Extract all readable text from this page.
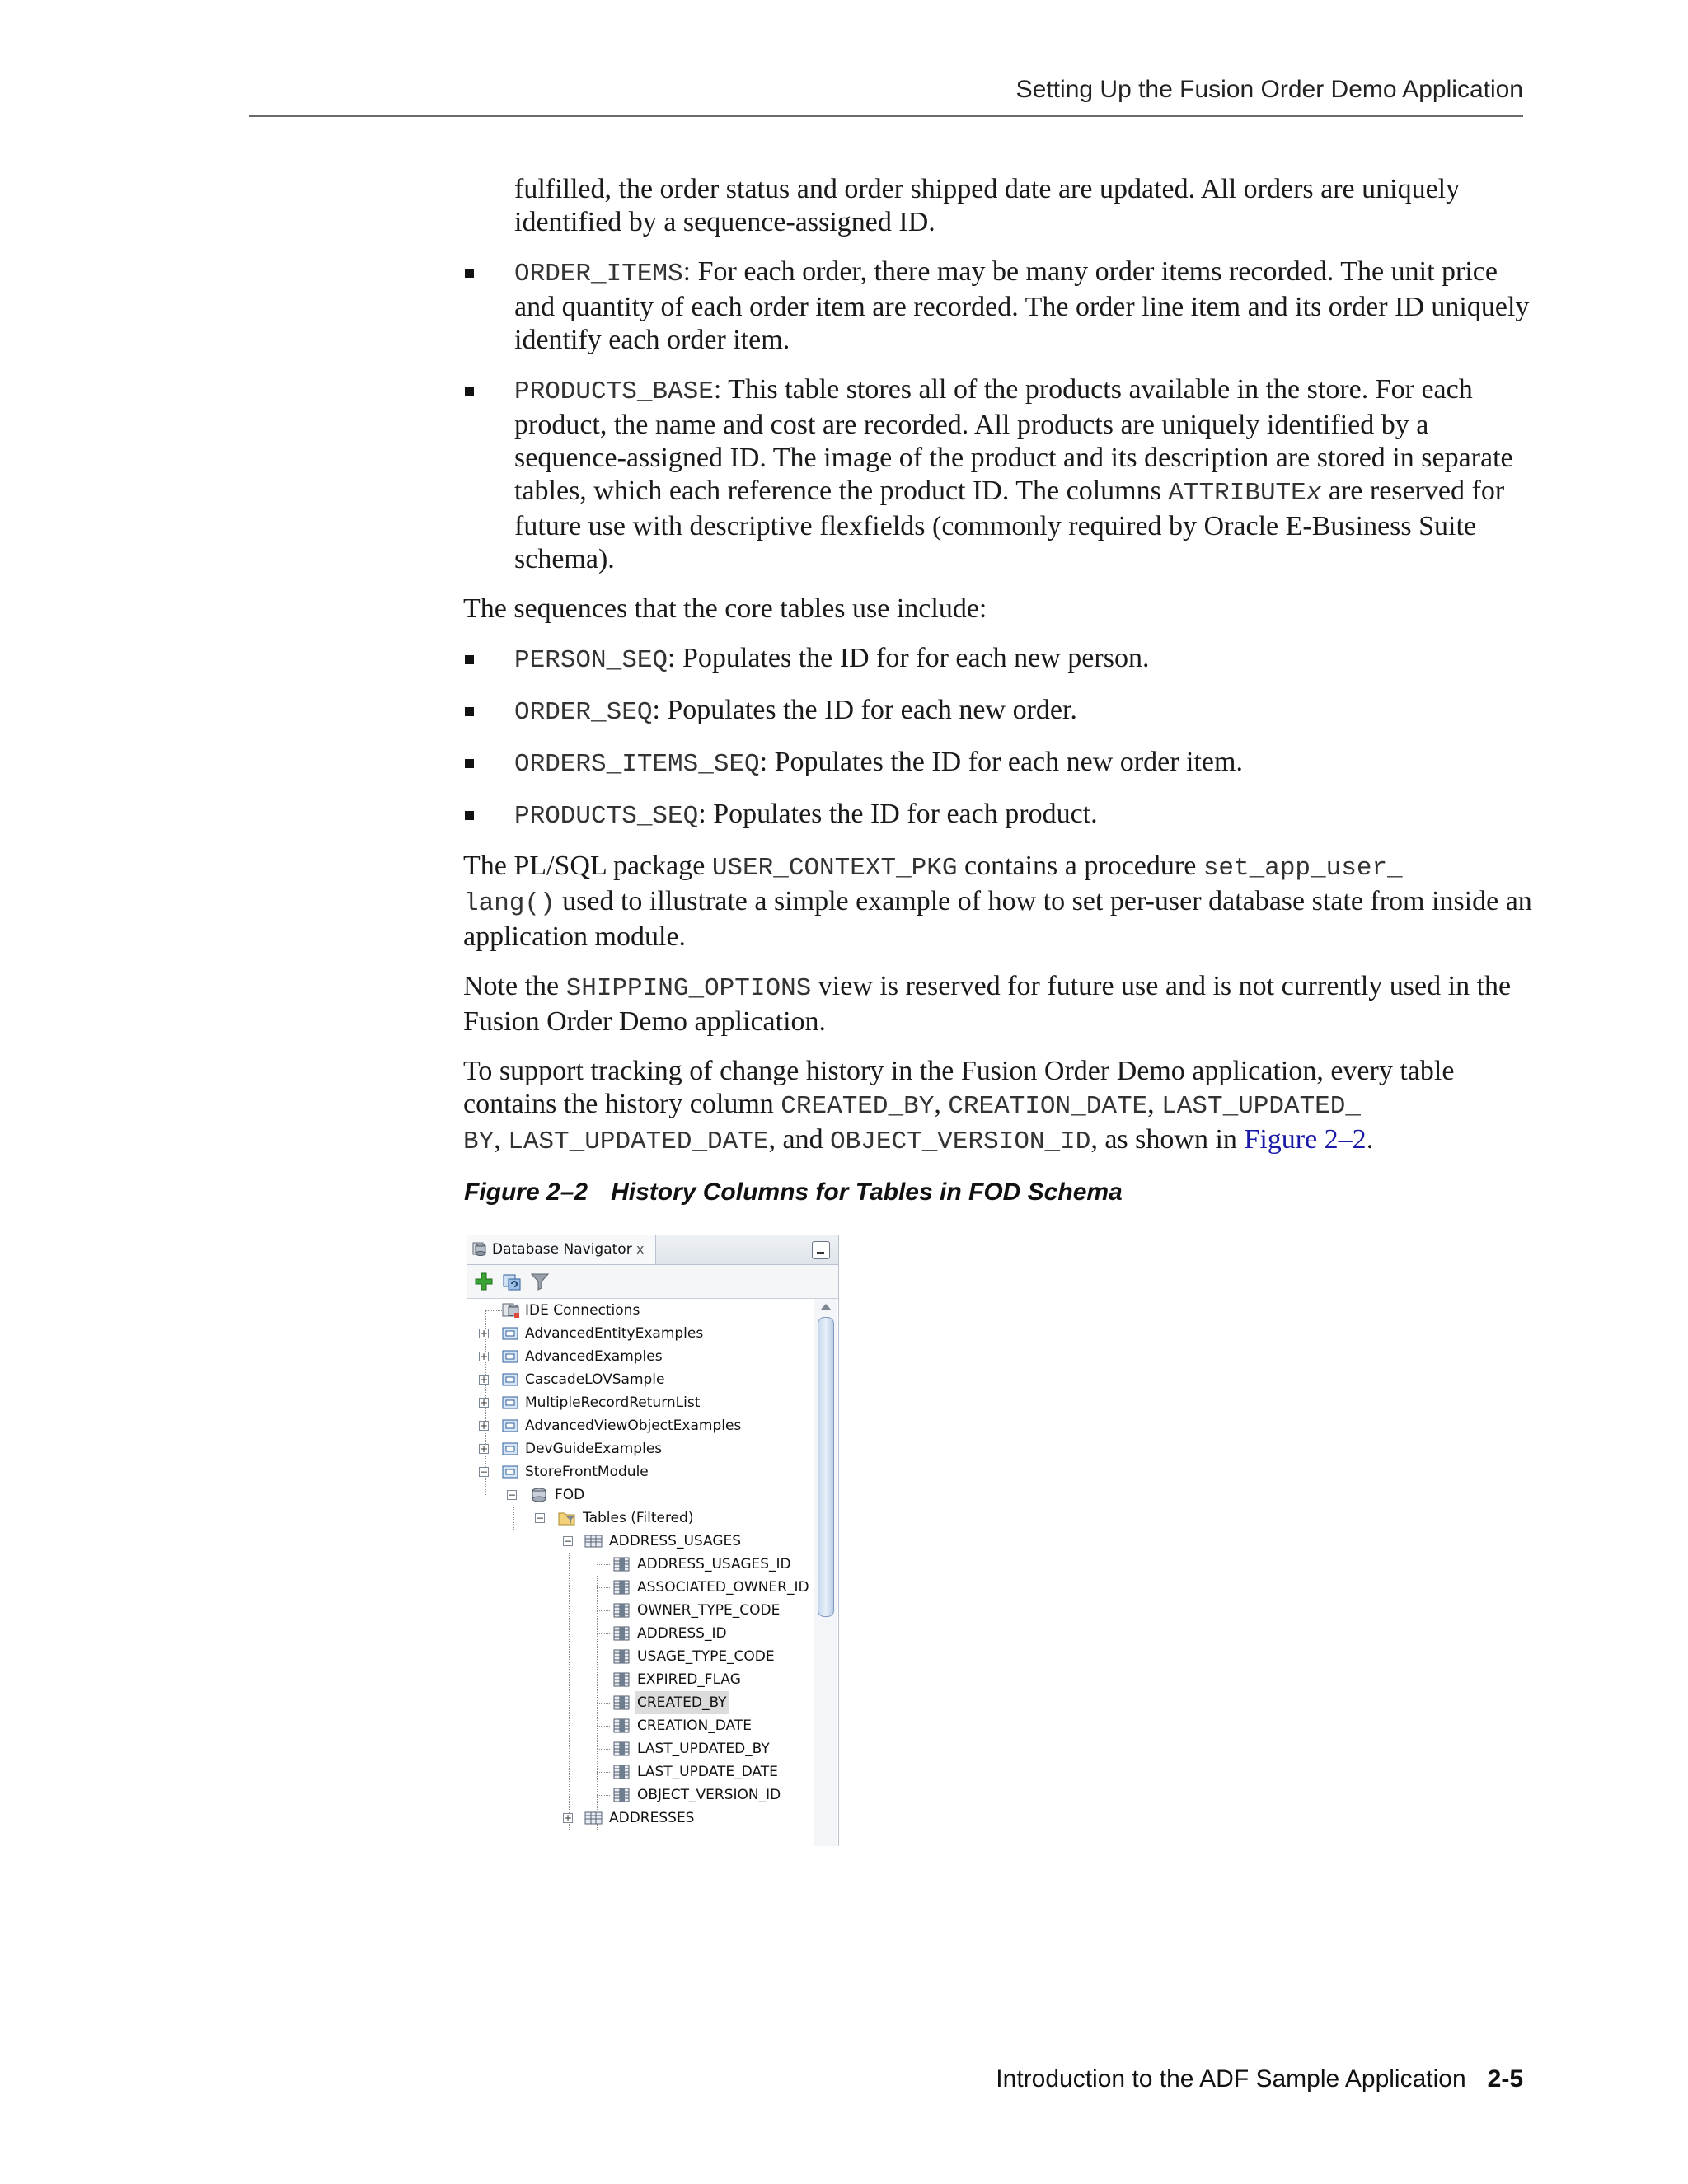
Setting Up the Fusion Order Demo Application

fulfilled, the order status and order shipped date are updated. All orders are uniquely identified by a sequence-assigned ID.

ORDER_ITEMS: For each order, there may be many order items recorded. The unit price and quantity of each order item are recorded. The order line item and its order ID uniquely identify each order item.
PRODUCTS_BASE: This table stores all of the products available in the store. For each product, the name and cost are recorded. All products are uniquely identified by a sequence-assigned ID. The image of the product and its description are stored in separate tables, which each reference the product ID. The columns ATTRIBUTEx are reserved for future use with descriptive flexfields (commonly required by Oracle E-Business Suite schema).

The sequences that the core tables use include:

PERSON_SEQ: Populates the ID for for each new person.
ORDER_SEQ: Populates the ID for each new order.
ORDERS_ITEMS_SEQ: Populates the ID for each new order item.
PRODUCTS_SEQ: Populates the ID for each product.

The PL/SQL package USER_CONTEXT_PKG contains a procedure set_app_user_
lang() used to illustrate a simple example of how to set per-user database state from inside an application module.

Note the SHIPPING_OPTIONS view is reserved for future use and is not currently used in the Fusion Order Demo application.

To support tracking of change history in the Fusion Order Demo application, every table contains the history column CREATED_BY, CREATION_DATE, LAST_UPDATED_
BY, LAST_UPDATED_DATE, and OBJECT_VERSION_ID, as shown in Figure 2–2.

Figure 2–2 History Columns for Tables in FOD Schema
Database Navigator x
IDE Connections
+	AdvancedEntityExamples
+	AdvancedExamples
+	CascadeLOVSample
+	MultipleRecordReturnList
+	AdvancedViewObjectExamples
+	DevGuideExamples
−	StoreFrontModule
−	FOD
−	Tables (Filtered)
−	ADDRESS_USAGES
ADDRESS_USAGES_ID
ASSOCIATED_OWNER_ID
OWNER_TYPE_CODE
ADDRESS_ID
USAGE_TYPE_CODE
EXPIRED_FLAG
CREATED_BY
CREATION_DATE
LAST_UPDATED_BY
LAST_UPDATE_DATE
OBJECT_VERSION_ID
+	ADDRESSES
Introduction to the ADF Sample Application 2-5
